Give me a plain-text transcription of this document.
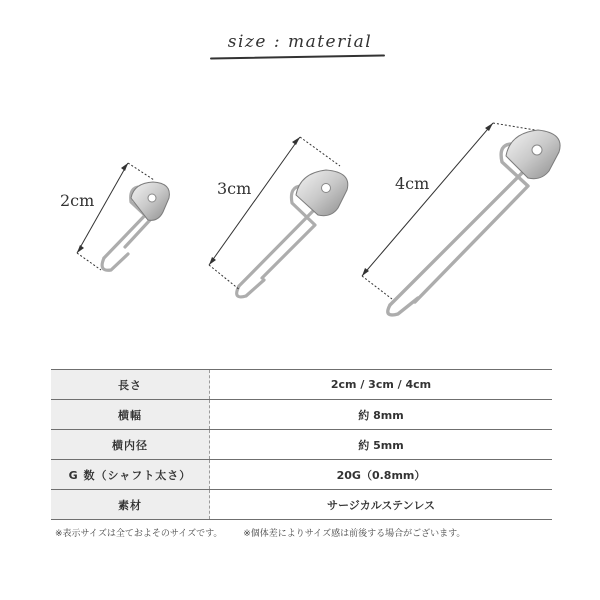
size : material
2cm
3cm	4cm
長さ	2cm / 3cm / 4cm
横幅	約 8mm
横内径	約 5mm
G 数（シャフト太さ）	20G（0.8mm）
素材	サージカルステンレス
※表示サイズは全ておよそのサイズです。 ※個体差によりサイズ感は前後する場合がございます。
